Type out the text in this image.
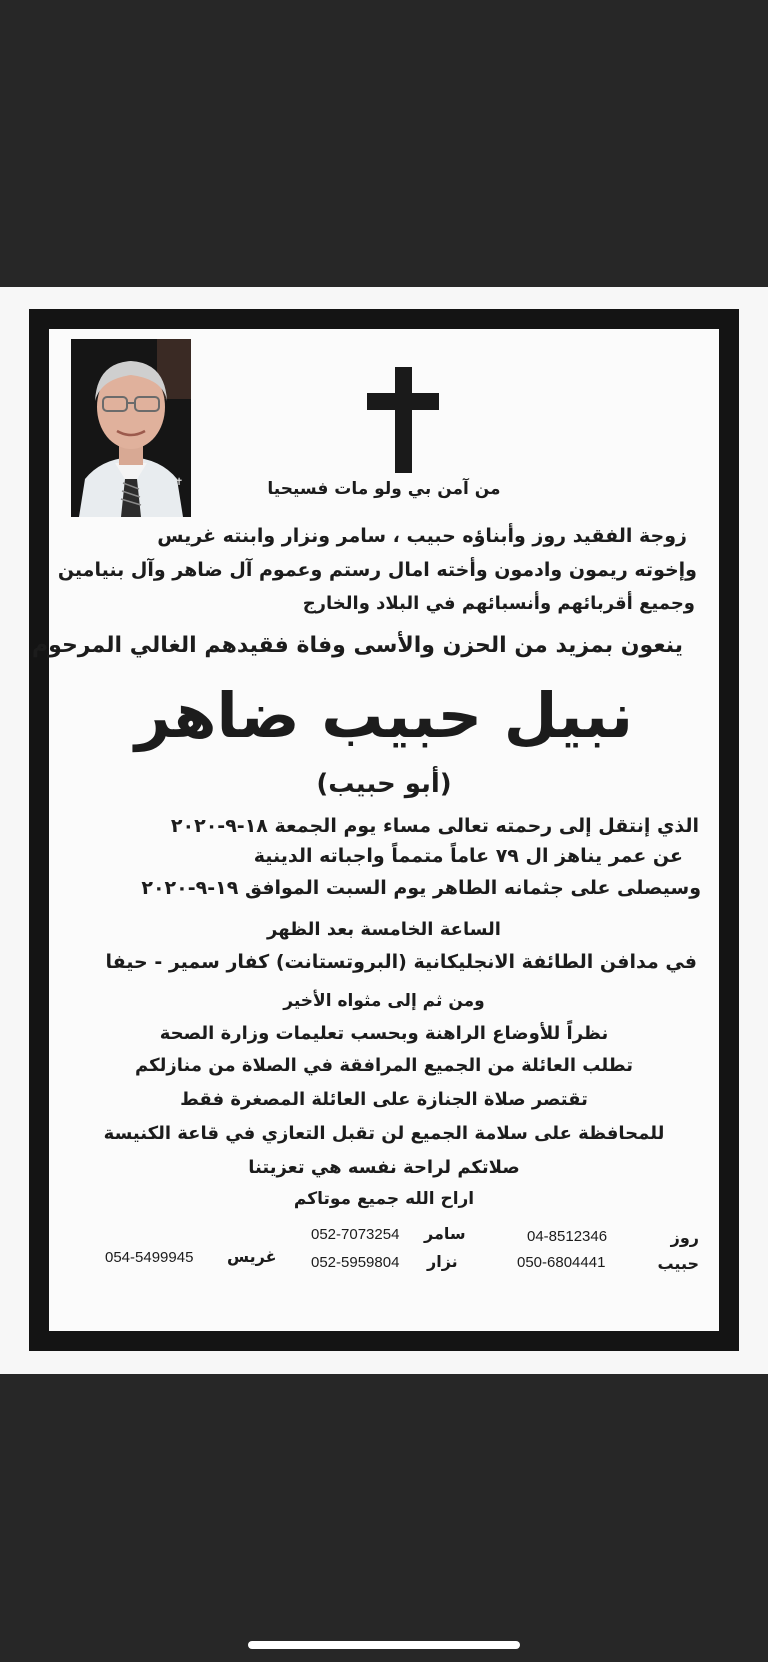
✝	من آمن بي ولو مات فسيحيا
زوجة الفقيد روز وأبناؤه حبيب ، سامر ونزار وابنته غريس
وإخوته ريمون وادمون وأخته امال رستم وعموم آل ضاهر وآل بنيامين
وجميع أقربائهم وأنسبائهم في البلاد والخارج
ينعون بمزيد من الحزن والأسى وفاة فقيدهم الغالي المرحوم
نبيل حبيب ضاهر
(أبو حبيب)
الذي إنتقل إلى رحمته تعالى مساء يوم الجمعة ١٨-٩-٢٠٢٠
عن عمر يناهز ال ٧٩ عاماً متمماً واجباته الدينية
وسيصلى على جثمانه الطاهر يوم السبت الموافق ١٩-٩-٢٠٢٠
الساعة الخامسة بعد الظهر
في مدافن الطائفة الانجليكانية (البروتستانت) كفار سمير - حيفا
ومن ثم إلى مثواه الأخير
نظراً للأوضاع الراهنة وبحسب تعليمات وزارة الصحة
تطلب العائلة من الجميع المرافقة في الصلاة من منازلكم
تقتصر صلاة الجنازة على العائلة المصغرة فقط
للمحافظة على سلامة الجميع لن تقبل التعازي في قاعة الكنيسة
صلاتكم لراحة نفسه هي تعزيتنا
اراح الله جميع موتاكم
روز
04-8512346
حبيب
050-6804441
سامر
052-7073254
نزار
052-5959804
غريس
054-5499945
